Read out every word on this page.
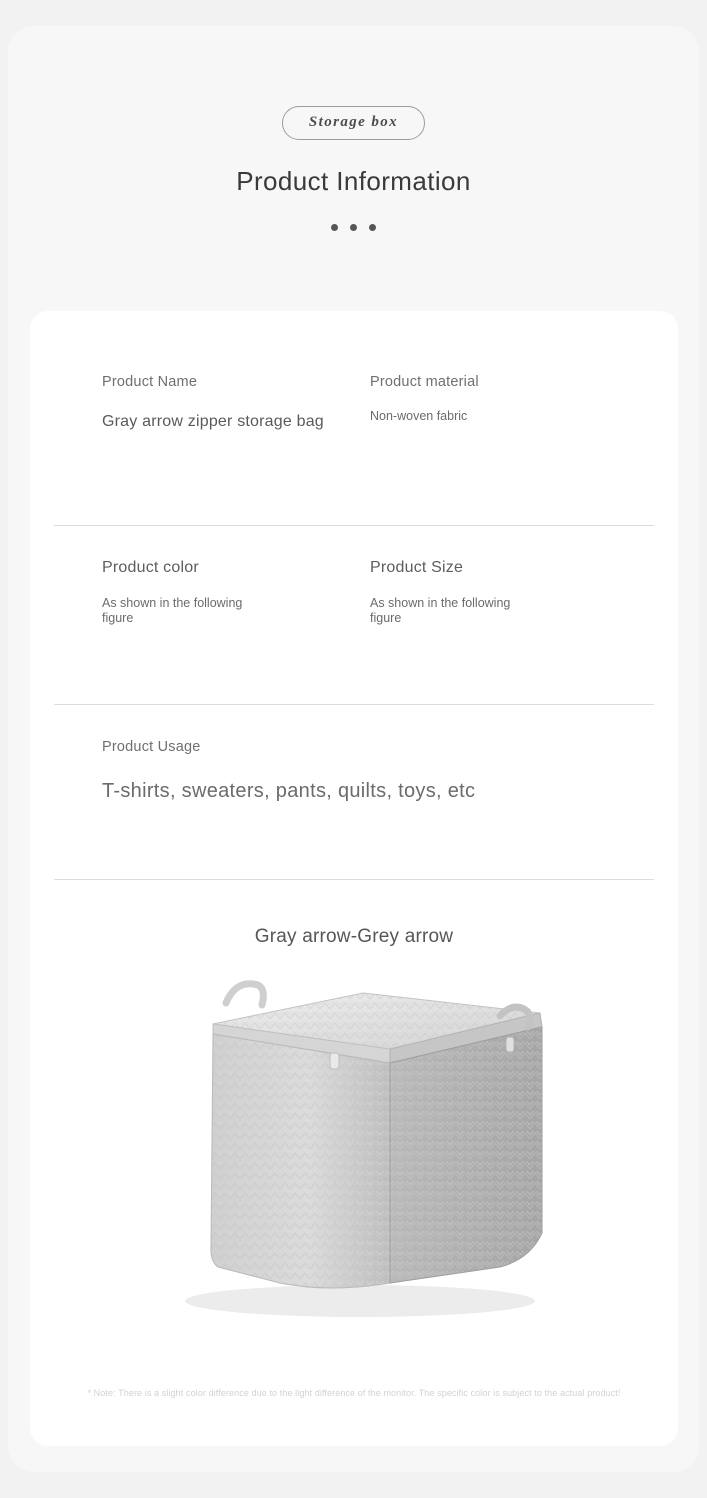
Storage box
Product Information
Product Name
Gray arrow zipper storage bag
Product material
Non-woven fabric
Product color
As shown in the following figure
Product Size
As shown in the following figure
Product Usage
T-shirts, sweaters, pants, quilts, toys, etc
Gray arrow-Grey arrow
* Note: There is a slight color difference due to the light difference of the monitor. The specific color is subject to the actual product!
